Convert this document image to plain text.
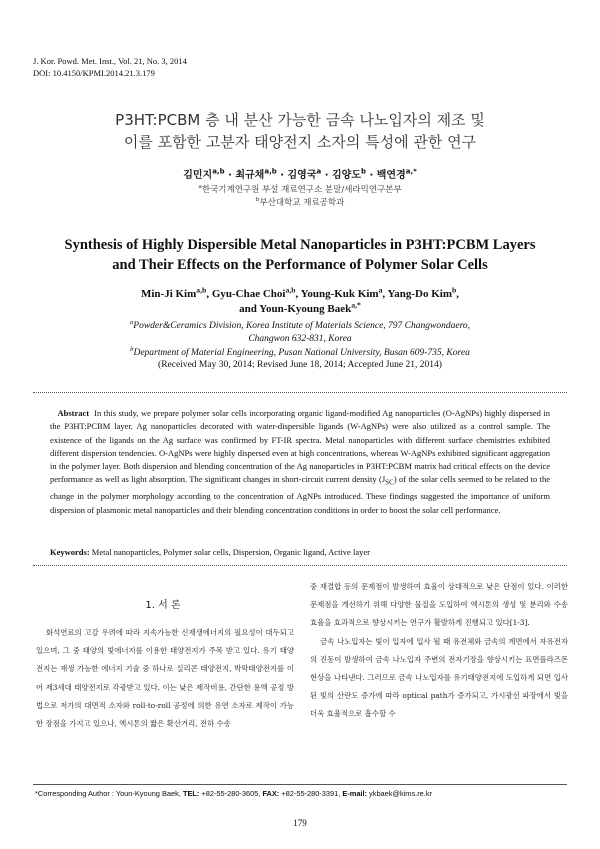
J. Kor. Powd. Met. Inst., Vol. 21, No. 3, 2014
DOI: 10.4150/KPMI.2014.21.3.179
P3HT:PCBM 층 내 분산 가능한 금속 나노입자의 제조 및
이를 포함한 고분자 태양전지 소자의 특성에 관한 연구
김민지$^{a,b}$ · 최규채$^{a,b}$ · 김영국$^a$ · 김양도$^b$ · 백연경$^{a,*}$
$^a$한국기계연구원 부설 재료연구소 분말/세라믹연구본부
$^b$부산대학교 재료공학과
Synthesis of Highly Dispersible Metal Nanoparticles in P3HT:PCBM Layers
and Their Effects on the Performance of Polymer Solar Cells
Min-Ji Kim$^{a,b}$, Gyu-Chae Choi$^{a,b}$, Young-Kuk Kim$^a$, Yang-Do Kim$^b$,
and Youn-Kyoung Baek$^{a,*}$
$^a$Powder&Ceramics Division, Korea Institute of Materials Science, 797 Changwondaero,
Changwon 632-831, Korea
$^b$Department of Material Engineering, Pusan National University, Busan 609-735, Korea
(Received May 30, 2014; Revised June 18, 2014; Accepted June 21, 2014)
Abstract In this study, we prepare polymer solar cells incorporating organic ligand-modified Ag nanoparticles (O-AgNPs) highly dispersed in the P3HT:PCBM layer. Ag nanoparticles decorated with water-dispersible ligands (W-AgNPs) were also utilized as a control sample. The existence of the ligands on the Ag surface was confirmed by FT-IR spectra. Metal nanoparticles with different surface chemistries exhibited different dispersion tendencies. O-AgNPs were highly dispersed even at high concentrations, whereas W-AgNPs exhibited significant aggregation in the polymer layer. Both dispersion and blending concentration of the Ag nanoparticles in P3HT:PCBM matrix had critical effects on the device performance as well as light absorption. The significant changes in short-circuit current density $(J_{SC})$ of the solar cells seemed to be related to the change in the polymer morphology according to the concentration of AgNPs introduced. These findings suggested the importance of uniform dispersion of plasmonic metal nanoparticles and their blending concentration conditions in order to boost the solar cell performance.
Keywords: Metal nanoparticles, Polymer solar cells, Dispersion, Organic ligand, Active layer
1. 서 론

화석연료의 고갈 우려에 따라 지속가능한 신재생에너지의 필요성이 대두되고 있으며, 그 중 태양의 빛에너지를 이용한 태양전지가 주목 받고 있다. 유기 태양전지는 재생 가능한 에너지 기술 중 하나로 실리콘 태양전지, 박막태양전지를 이어 제3세대 태양전지로 각광받고 있다. 이는 낮은 제작비용, 간단한 용액 공정 방법으로 저가의 대면적 소자와 roll-to-roll 공정에 의한 유연 소자로 제작이 가능한 장점을 가지고 있으나, 엑시톤의 짧은 확산거리, 전하 수송

중 재결합 등의 문제점이 발생하여 효율이 상대적으로 낮은 단점이 있다. 이러한 문제점을 개선하기 위해 다양한 물질을 도입하여 엑시톤의 생성 및 분리와 수송 효율을 효과적으로 향상시키는 연구가 활발하게 진행되고 있다[1-3].

금속 나노입자는 빛이 입자에 입사 될 때 유전체와 금속의 계면에서 자유전자의 진동이 발생하여 금속 나노입자 주변의 전자기장을 향상시키는 표면플라즈몬 현상을 나타낸다. 그러므로 금속 나노입자를 유기태양전지에 도입하게 되면 입사된 빛의 산란도 증가에 따라 optical path가 증가되고, 가시광선 파장에서 빛을 더욱 효율적으로 흡수할 수

*Corresponding Author : Youn-Kyoung Baek, TEL: +82-55-280-3605, FAX: +82-55-280-3391, E-mail: ykbaek@kims.re.kr
179
